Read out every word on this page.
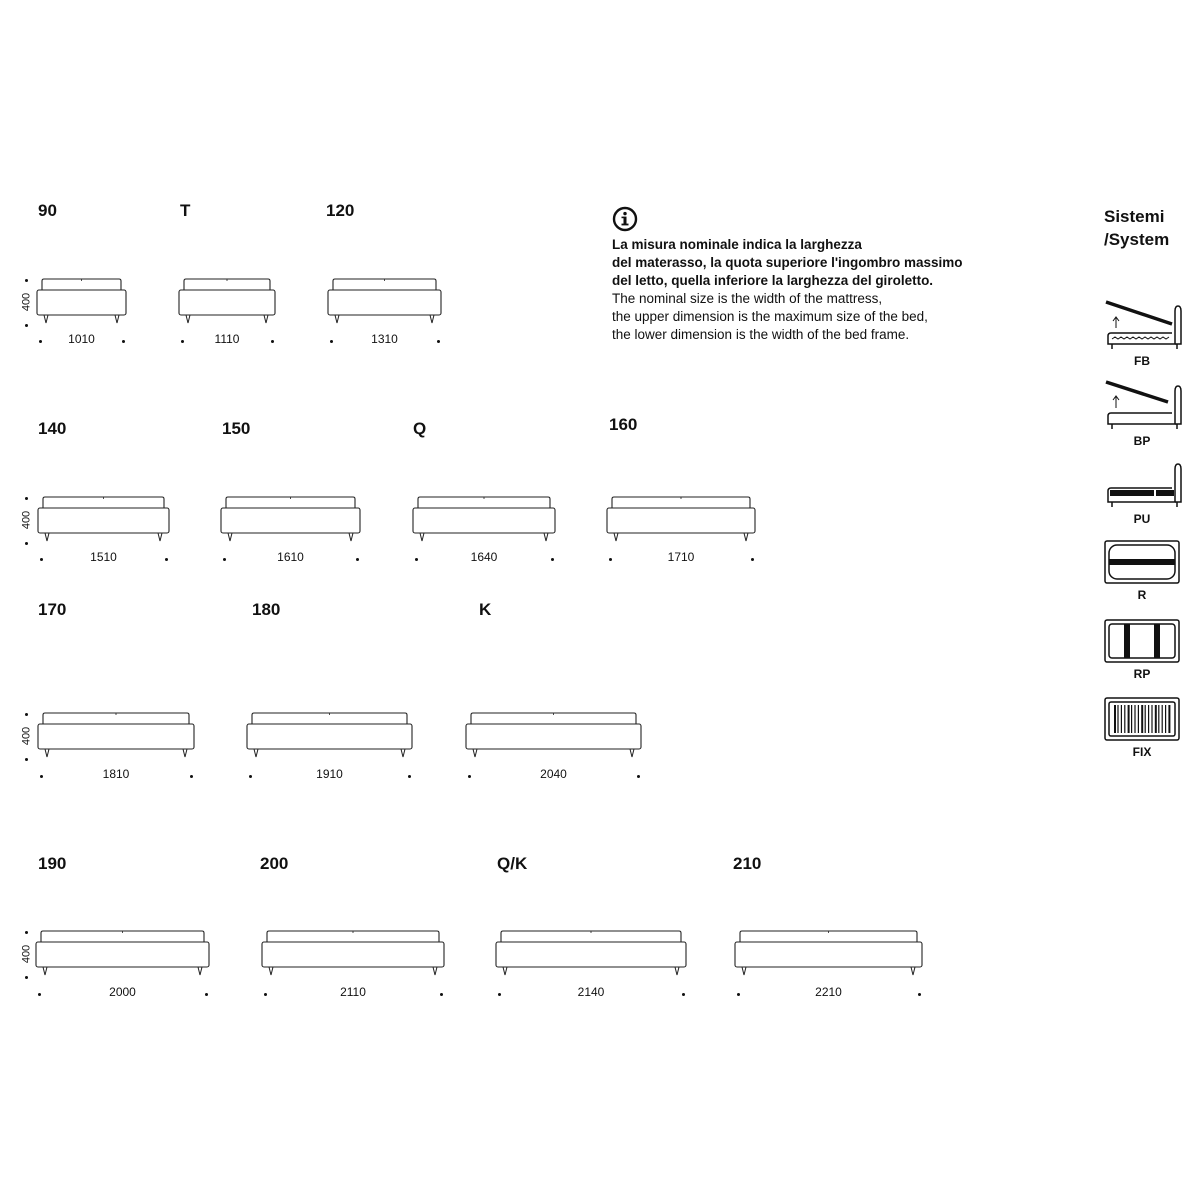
90
1010
400
T
1110
120
1310
140
1510
400
150
1610
Q
1640
160
1710
170
1810
400
180
1910
K
2040
190
2000
400
200
2110
Q/K
2140
210
2210
La misura nominale indica la larghezza
del materasso, la quota superiore l'ingombro massimo
del letto, quella inferiore la larghezza del giroletto.
The nominal size is the width of the mattress,
the upper dimension is the maximum size of the bed,
the lower dimension is the width of the bed frame.
Sistemi
/System
FB
BP
PU
R
RP
FIX
